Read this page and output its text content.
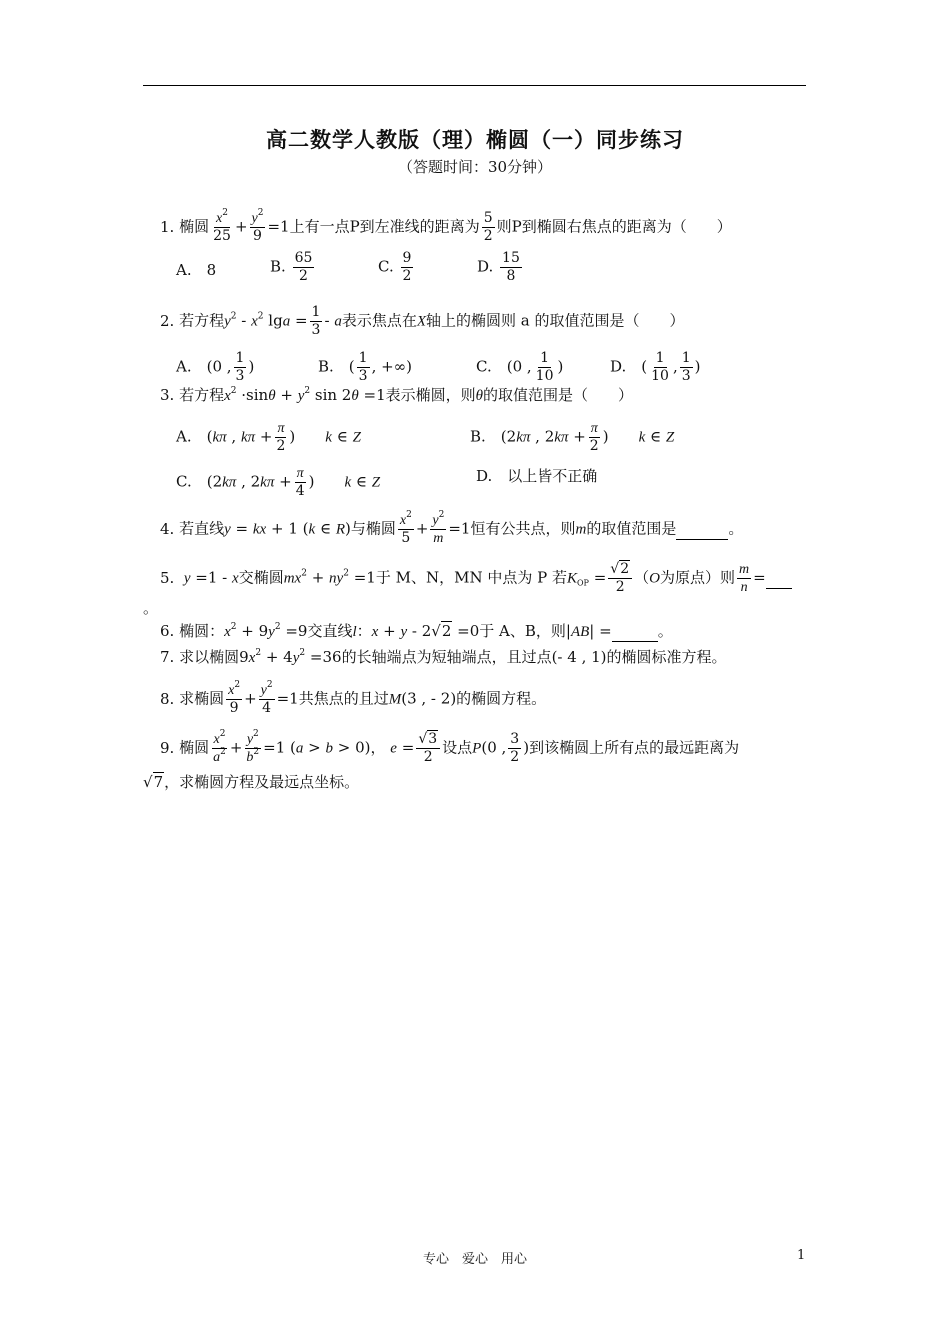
高二数学人教版（理）椭圆（一）同步练习
（答题时间：30分钟）
1. 椭圆 $\frac{x^2}{25} + \frac{y^2}{9} =1$上有一点P到左准线的距离为 $\frac{5}{2}$ 则P到椭圆右焦点的距离为（　　）
A.　8	B. $\frac{65}{2}$	C. $\frac{9}{2}$	D. $\frac{15}{8}$
2. 若方程$y^2 - x^2$ $\lg a = \frac{1}{3} - a$表示焦点在X轴上的椭圆则 a 的取值范围是（　　）
A.　(0 , $\frac{1}{3}$ )	B.　( $\frac{1}{3}$ , +∞)	C.　(0 , $\frac{1}{10}$ )	D.　( $\frac{1}{10}$ , $\frac{1}{3}$ )
3. 若方程$x^2 \cdot\sin\theta + y^2$ sin 2θ =1表示椭圆，则θ的取值范围是（　　）
A.　(kπ , $k\pi + \frac{\pi}{2}$ )　　k ∈ Z	B.　(2kπ , $2k\pi + \frac{\pi}{2}$ )　　k ∈ Z
C.　(2kπ , $2k\pi + \frac{\pi}{4}$ )　　k ∈ Z	D.　以上皆不正确
4. 若直线y = kx + 1 (k ∈ R)与椭圆 $\frac{x^2}{5} + \frac{y^2}{m} =1$恒有公共点，则m的取值范围是	。
5. y =1 - x交椭圆$mx^2 + ny^2 =1$于 M、N，MN 中点为 P 若$K_{OP} = \frac{√2}{2} (O$为原点）则 $\frac{m}{n}$ =
。
6. 椭圆：$x^2 + 9y^2 =9$交直线l：x + y - 2√2 =0于 A、B，则|AB| =	。
7. 求以椭圆$9x^2 + 4y^2 =36$的长轴端点为短轴端点，且过点(- 4 , 1)的椭圆标准方程。
8. 求椭圆 $\frac{x^2}{9} + \frac{y^2}{4} =1$共焦点的且过M(3 , - 2)的椭圆方程。
9. 椭圆 $\frac{x^2}{a^2} + \frac{y^2}{b^2} =1$ (a > b > 0)， $e = \frac{√3}{2}$ 设点P(0 , $\frac{3}{2}$ )到该椭圆上所有点的最远距离为
√7，求椭圆方程及最远点坐标。
专心　爱心　用心	1
